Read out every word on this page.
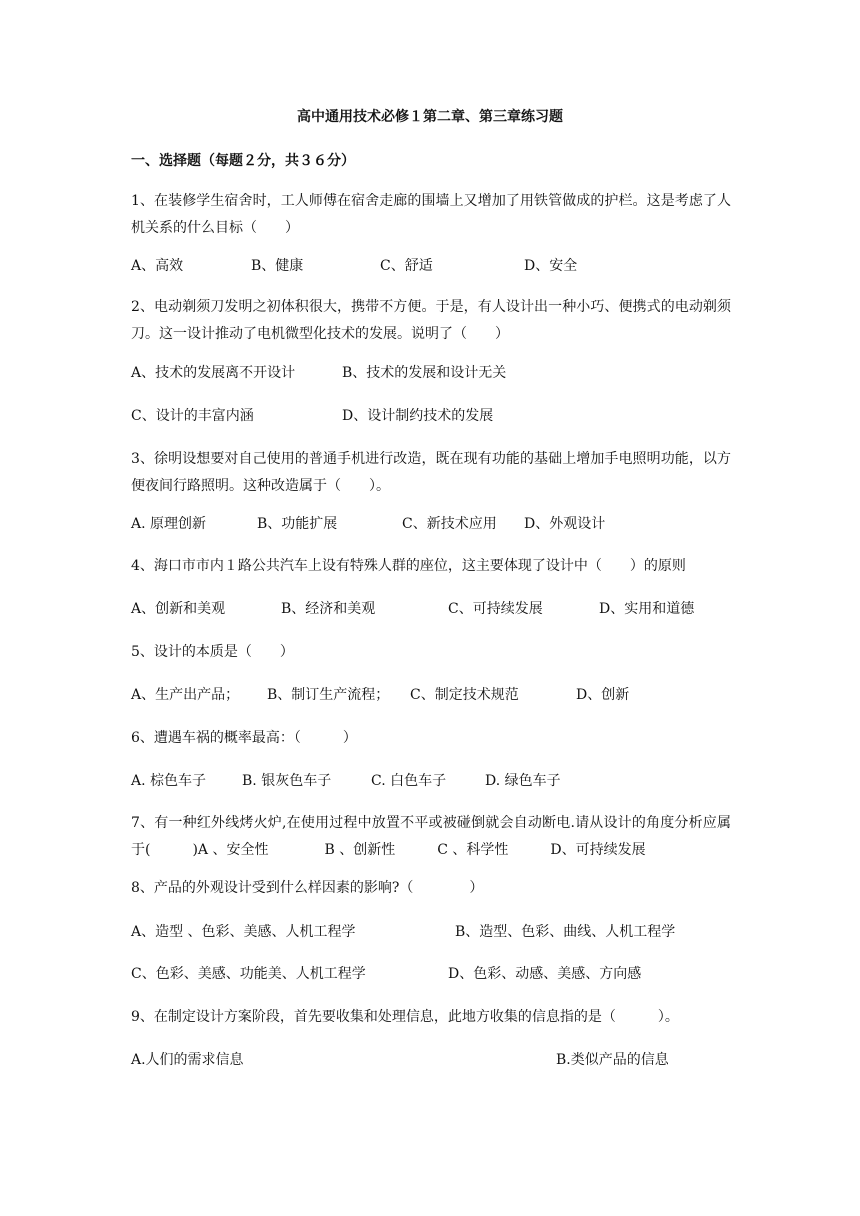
高中通用技术必修１第二章、第三章练习题
一、选择题（每题２分，共３６分）
1、在装修学生宿舍时，工人师傅在宿舍走廊的围墙上又增加了用铁管做成的护栏。这是考虑了人机关系的什么目标（　　）
A、高效	B、健康	C、舒适	D、安全
2、电动剃须刀发明之初体积很大，携带不方便。于是，有人设计出一种小巧、便携式的电动剃须刀。这一设计推动了电机微型化技术的发展。说明了（　　）
A、技术的发展离不开设计	B、技术的发展和设计无关
C、设计的丰富内涵	D、设计制约技术的发展
3、徐明设想要对自己使用的普通手机进行改造，既在现有功能的基础上增加手电照明功能，以方便夜间行路照明。这种改造属于（　　）。
A. 原理创新	B、功能扩展	C、新技术应用 D、外观设计
4、海口市市内１路公共汽车上设有特殊人群的座位，这主要体现了设计中（　　）的原则
A、创新和美观	B、经济和美观	C、可持续发展	D、实用和道德
5、设计的本质是（　　）
A、生产出产品； B、制订生产流程； C、制定技术规范	D、创新
6、遭遇车祸的概率最高：（　　　）
A. 棕色车子	B. 银灰色车子	C. 白色车子	D. 绿色车子
7、有一种红外线烤火炉,在使用过程中放置不平或被碰倒就会自动断电.请从设计的角度分析应属于(　　　)A 、安全性　　　　B 、创新性　　　C 、科学性　　　D、可持续发展
8、产品的外观设计受到什么样因素的影响?（　　　　）
A、造型 、色彩、美感、人机工程学	B、造型、色彩、曲线、人机工程学
C、色彩、美感、功能美、人机工程学	D、色彩、动感、美感、方向感
9、在制定设计方案阶段，首先要收集和处理信息，此地方收集的信息指的是（　　　）。
A.人们的需求信息	B.类似产品的信息
